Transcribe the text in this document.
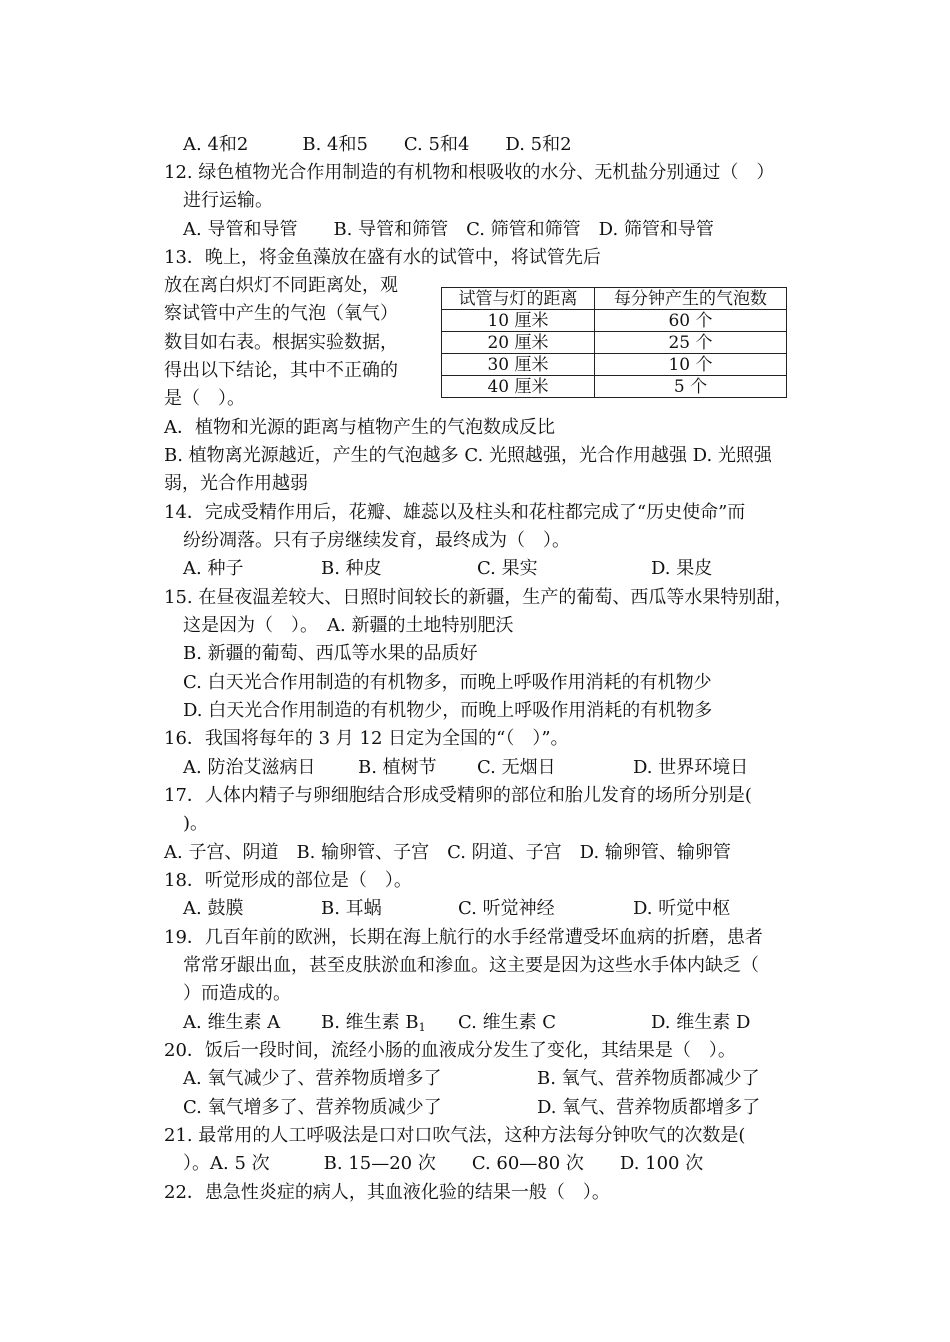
A. 4和2　　　B. 4和5　　C. 5和4　　D. 5和2
12. 绿色植物光合作用制造的有机物和根吸收的水分、无机盐分别通过（　）
进行运输。
A. 导管和导管　　B. 导管和筛管　C. 筛管和筛管　D. 筛管和导管
13．晚上，将金鱼藻放在盛有水的试管中，将试管先后
放在离白炽灯不同距离处，观
察试管中产生的气泡（氧气）
数目如右表。根据实验数据，
得出以下结论，其中不正确的
是（　）。
试管与灯的距离	每分钟产生的气泡数
10 厘米	60 个
20 厘米	25 个
30 厘米	10 个
40 厘米	5 个
A．植物和光源的距离与植物产生的气泡数成反比
B. 植物离光源越近，产生的气泡越多 C. 光照越强，光合作用越强 D. 光照强
弱，光合作用越弱
14．完成受精作用后，花瓣、雄蕊以及柱头和花柱都完成了“历史使命”而
纷纷凋落。只有子房继续发育，最终成为（　）。
A. 种子	B. 种皮	C. 果实	D. 果皮
15. 在昼夜温差较大、日照时间较长的新疆，生产的葡萄、西瓜等水果特别甜，
这是因为（　）。　A. 新疆的土地特别肥沃
B. 新疆的葡萄、西瓜等水果的品质好
C. 白天光合作用制造的有机物多，而晚上呼吸作用消耗的有机物少
D. 白天光合作用制造的有机物少，而晚上呼吸作用消耗的有机物多
16．我国将每年的 3 月 12 日定为全国的“（　）”。
A. 防治艾滋病日 B. 植树节 C. 无烟日	D. 世界环境日
17．人体内精子与卵细胞结合形成受精卵的部位和胎儿发育的场所分别是(
)。
A. 子宫、阴道　B. 输卵管、子宫　C. 阴道、子宫　D. 输卵管、输卵管
18．听觉形成的部位是（　）。
A. 鼓膜	B. 耳蜗	C. 听觉神经	D. 听觉中枢
19．几百年前的欧洲，长期在海上航行的水手经常遭受坏血病的折磨，患者
常常牙龈出血，甚至皮肤淤血和渗血。这主要是因为这些水手体内缺乏（
）而造成的。
A. 维生素 A B. 维生素 $B_1$ C. 维生素 C	D. 维生素 D
20．饭后一段时间，流经小肠的血液成分发生了变化，其结果是（　）。
A. 氧气减少了、营养物质增多了	B. 氧气、营养物质都减少了
C. 氧气增多了、营养物质减少了	D. 氧气、营养物质都增多了
21. 最常用的人工呼吸法是口对口吹气法，这种方法每分钟吹气的次数是(
）。A. 5 次　　　B. 15—20 次　　C. 60—80 次　　D. 100 次
22．患急性炎症的病人，其血液化验的结果一般（　）。
